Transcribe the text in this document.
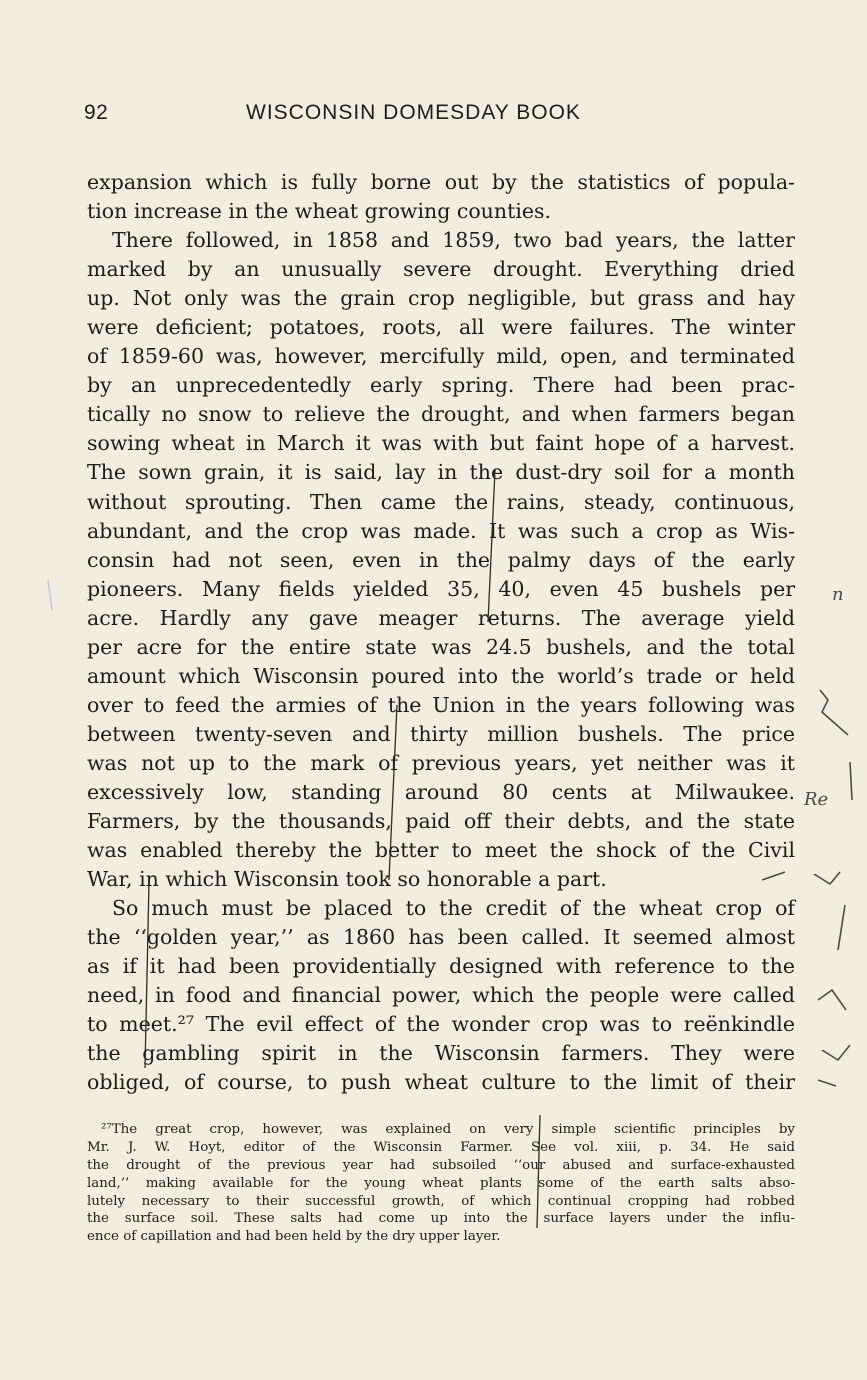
92	WISCONSIN DOMESDAY BOOK
expansion which is fully borne out by the statistics of popula-
tion increase in the wheat growing counties.
There followed, in 1858 and 1859, two bad years, the latter
marked by an unusually severe drought. Everything dried
up. Not only was the grain crop negligible, but grass and hay
were deficient; potatoes, roots, all were failures. The winter
of 1859-60 was, however, mercifully mild, open, and terminated
by an unprecedentedly early spring. There had been prac-
tically no snow to relieve the drought, and when farmers began
sowing wheat in March it was with but faint hope of a harvest.
The sown grain, it is said, lay in the dust-dry soil for a month
without sprouting. Then came the rains, steady, continuous,
abundant, and the crop was made. It was such a crop as Wis-
consin had not seen, even in the palmy days of the early
pioneers. Many fields yielded 35, 40, even 45 bushels per
acre. Hardly any gave meager returns. The average yield
per acre for the entire state was 24.5 bushels, and the total
amount which Wisconsin poured into the world’s trade or held
over to feed the armies of the Union in the years following was
between twenty-seven and thirty million bushels. The price
was not up to the mark of previous years, yet neither was it
excessively low, standing around 80 cents at Milwaukee.
Farmers, by the thousands, paid off their debts, and the state
was enabled thereby the better to meet the shock of the Civil
War, in which Wisconsin took so honorable a part.
So much must be placed to the credit of the wheat crop of
the ‘‘golden year,’’ as 1860 has been called. It seemed almost
as if it had been providentially designed with reference to the
need, in food and financial power, which the people were called
to meet.²⁷ The evil effect of the wonder crop was to reënkindle
the gambling spirit in the Wisconsin farmers. They were
obliged, of course, to push wheat culture to the limit of their
²⁷The great crop, however, was explained on very simple scientific principles by
Mr. J. W. Hoyt, editor of the Wisconsin Farmer. See vol. xiii, p. 34. He said
the drought of the previous year had subsoiled ‘‘our abused and surface-exhausted
land,’’ making available for the young wheat plants some of the earth salts abso-
lutely necessary to their successful growth, of which continual cropping had robbed
the surface soil. These salts had come up into the surface layers under the influ-
ence of capillation and had been held by the dry upper layer.
n
Re
